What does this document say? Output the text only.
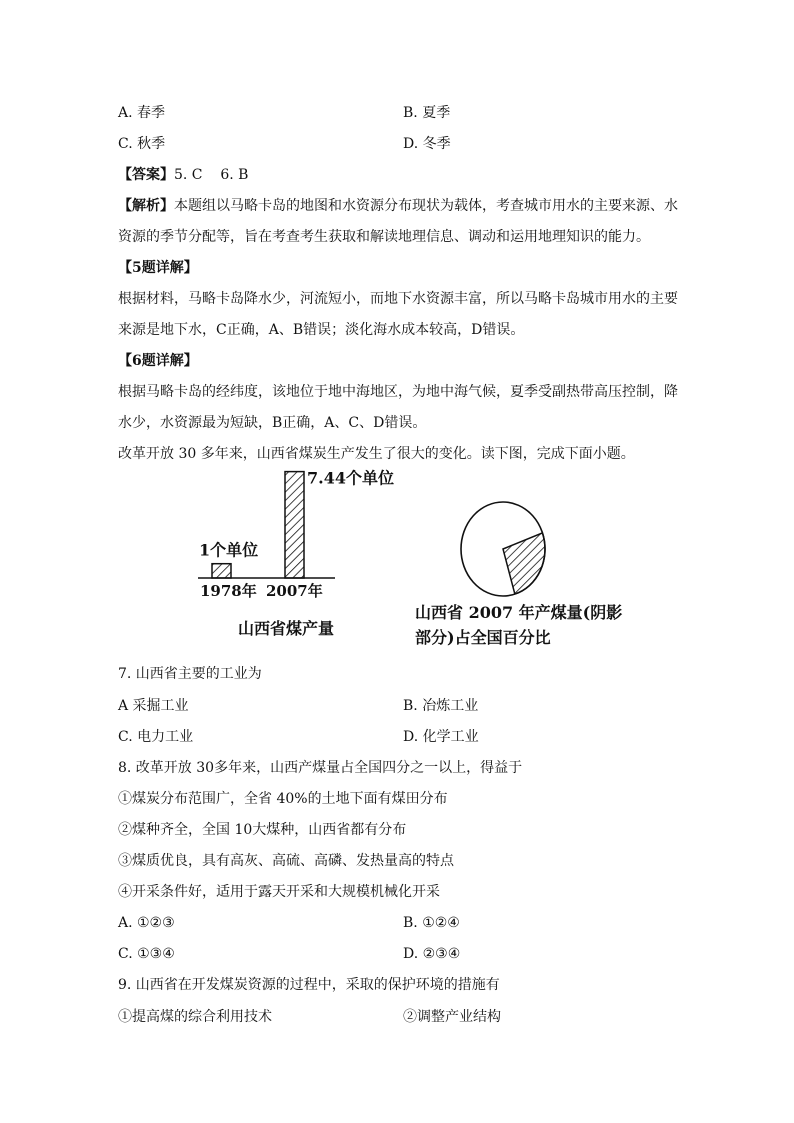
A. 春季	B. 夏季
C. 秋季	D. 冬季
【答案】5. C    6. B
【解析】本题组以马略卡岛的地图和水资源分布现状为载体，考查城市用水的主要来源、水
资源的季节分配等，旨在考查考生获取和解读地理信息、调动和运用地理知识的能力。
【5题详解】
根据材料，马略卡岛降水少，河流短小，而地下水资源丰富，所以马略卡岛城市用水的主要
来源是地下水，C正确，A、B错误；淡化海水成本较高，D错误。
【6题详解】
根据马略卡岛的经纬度，该地位于地中海地区，为地中海气候，夏季受副热带高压控制，降
水少，水资源最为短缺，B正确，A、C、D错误。
改革开放 30 多年来，山西省煤炭生产发生了很大的变化。读下图，完成下面小题。
1978年
1个单位
2007年
7.44个单位
山西省煤产量
山西省 2007 年产煤量(阴影
部分)占全国百分比
7. 山西省主要的工业为
A 采掘工业	B. 冶炼工业
C. 电力工业	D. 化学工业
8. 改革开放 30多年来，山西产煤量占全国四分之一以上，得益于
①煤炭分布范围广，全省 40%的土地下面有煤田分布
②煤种齐全，全国 10大煤种，山西省都有分布
③煤质优良，具有高灰、高硫、高磷、发热量高的特点
④开采条件好，适用于露天开采和大规模机械化开采
A. ①②③	B. ①②④
C. ①③④	D. ②③④
9. 山西省在开发煤炭资源的过程中，采取的保护环境的措施有
①提高煤的综合利用技术	②调整产业结构
